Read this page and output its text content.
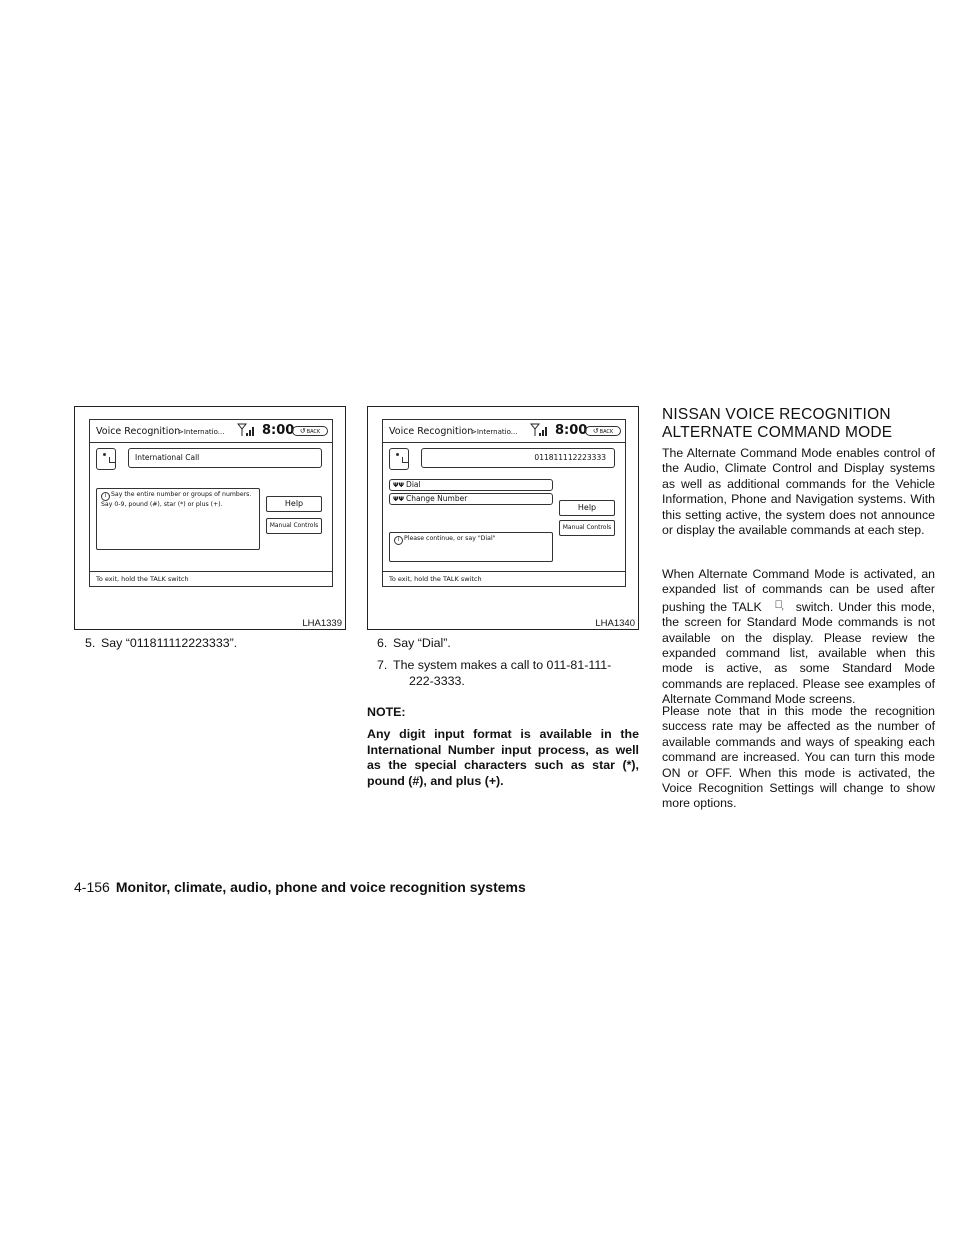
Voice Recognition
>Internatio...	8:00 ↺BACK
International Call
i Say the entire number or groups of numbers. Say 0-9, pound (#), star (*) or plus (+).	Help
Manual Controls
To exit, hold the TALK switch
LHA1339
Voice Recognition
>Internatio...	8:00 ↺BACK
011811112223333
ΨΨ Dial
ΨΨ Change Number
Help
Manual Controls
i Please continue, or say "Dial"
To exit, hold the TALK switch
LHA1340
5. Say “011811112223333”.	6. Say “Dial”.
7. The system makes a call to 011-81-111-
222-3333.
NOTE:
Any digit input format is available in the International Number input process, as well as the special characters such as star (*), pound (#), and plus (+).
NISSAN VOICE RECOGNITION
ALTERNATE COMMAND MODE
The Alternate Command Mode enables control of the Audio, Climate Control and Display systems as well as additional commands for the Vehicle Information, Phone and Navigation systems. With this setting active, the system does not announce or display the available commands at each step.
When Alternate Command Mode is activated, an expanded list of commands can be used after pushing the TALK ✓᷊ switch. Under this mode, the screen for Standard Mode commands is not available on the display. Please review the expanded command list, available when this mode is active, as some Standard Mode commands are replaced. Please see examples of Alternate Command Mode screens.
Please note that in this mode the recognition success rate may be affected as the number of available commands and ways of speaking each command are increased. You can turn this mode ON or OFF. When this mode is activated, the Voice Recognition Settings will change to show more options.
4-156 Monitor, climate, audio, phone and voice recognition systems
